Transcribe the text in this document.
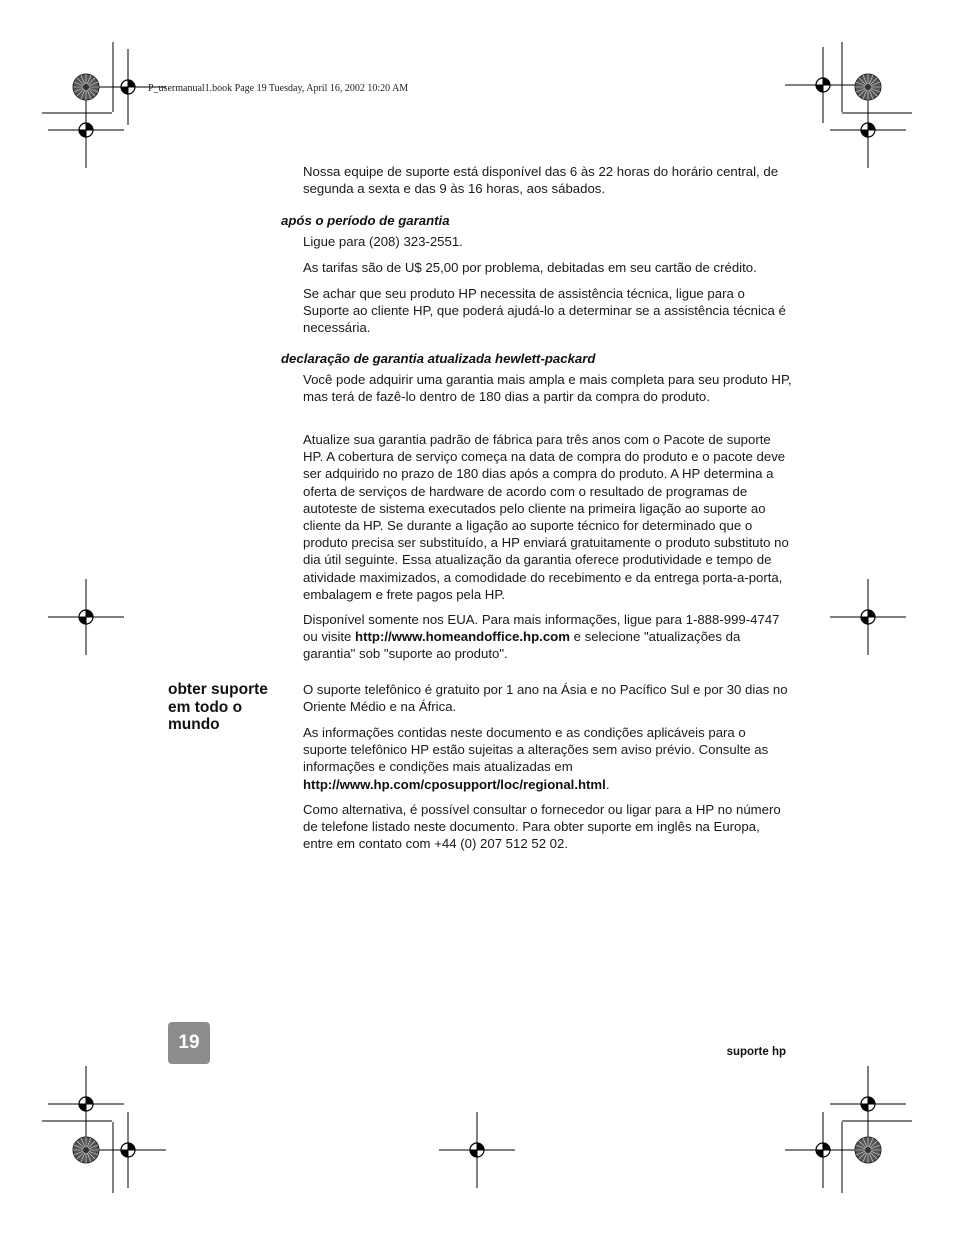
P_usermanual1.book Page 19 Tuesday, April 16, 2002 10:20 AM

Nossa equipe de suporte está disponível das 6 às 22 horas do horário central, de segunda a sexta e das 9 às 16 horas, aos sábados.

após o período de garantia

Ligue para (208) 323-2551.

As tarifas são de U$ 25,00 por problema, debitadas em seu cartão de crédito.

Se achar que seu produto HP necessita de assistência técnica, ligue para o Suporte ao cliente HP, que poderá ajudá-lo a determinar se a assistência técnica é necessária.

declaração de garantia atualizada hewlett-packard

Você pode adquirir uma garantia mais ampla e mais completa para seu produto HP, mas terá de fazê-lo dentro de 180 dias a partir da compra do produto.

Atualize sua garantia padrão de fábrica para três anos com o Pacote de suporte HP. A cobertura de serviço começa na data de compra do produto e o pacote deve ser adquirido no prazo de 180 dias após a compra do produto. A HP determina a oferta de serviços de hardware de acordo com o resultado de programas de autoteste de sistema executados pelo cliente na primeira ligação ao suporte ao cliente da HP. Se durante a ligação ao suporte técnico for determinado que o produto precisa ser substituído, a HP enviará gratuitamente o produto substituto no dia útil seguinte. Essa atualização da garantia oferece produtividade e tempo de atividade maximizados, a comodidade do recebimento e da entrega porta-a-porta, embalagem e frete pagos pela HP.

Disponível somente nos EUA. Para mais informações, ligue para 1-888-999-4747 ou visite http://www.homeandoffice.hp.com e selecione "atualizações da garantia" sob "suporte ao produto".

obter suporte em todo o mundo

O suporte telefônico é gratuito por 1 ano na Ásia e no Pacífico Sul e por 30 dias no Oriente Médio e na África.

As informações contidas neste documento e as condições aplicáveis para o suporte telefônico HP estão sujeitas a alterações sem aviso prévio. Consulte as informações e condições mais atualizadas em http://www.hp.com/cposupport/loc/regional.html.

Como alternativa, é possível consultar o fornecedor ou ligar para a HP no número de telefone listado neste documento. Para obter suporte em inglês na Europa, entre em contato com +44 (0) 207 512 52 02.

19	suporte hp
